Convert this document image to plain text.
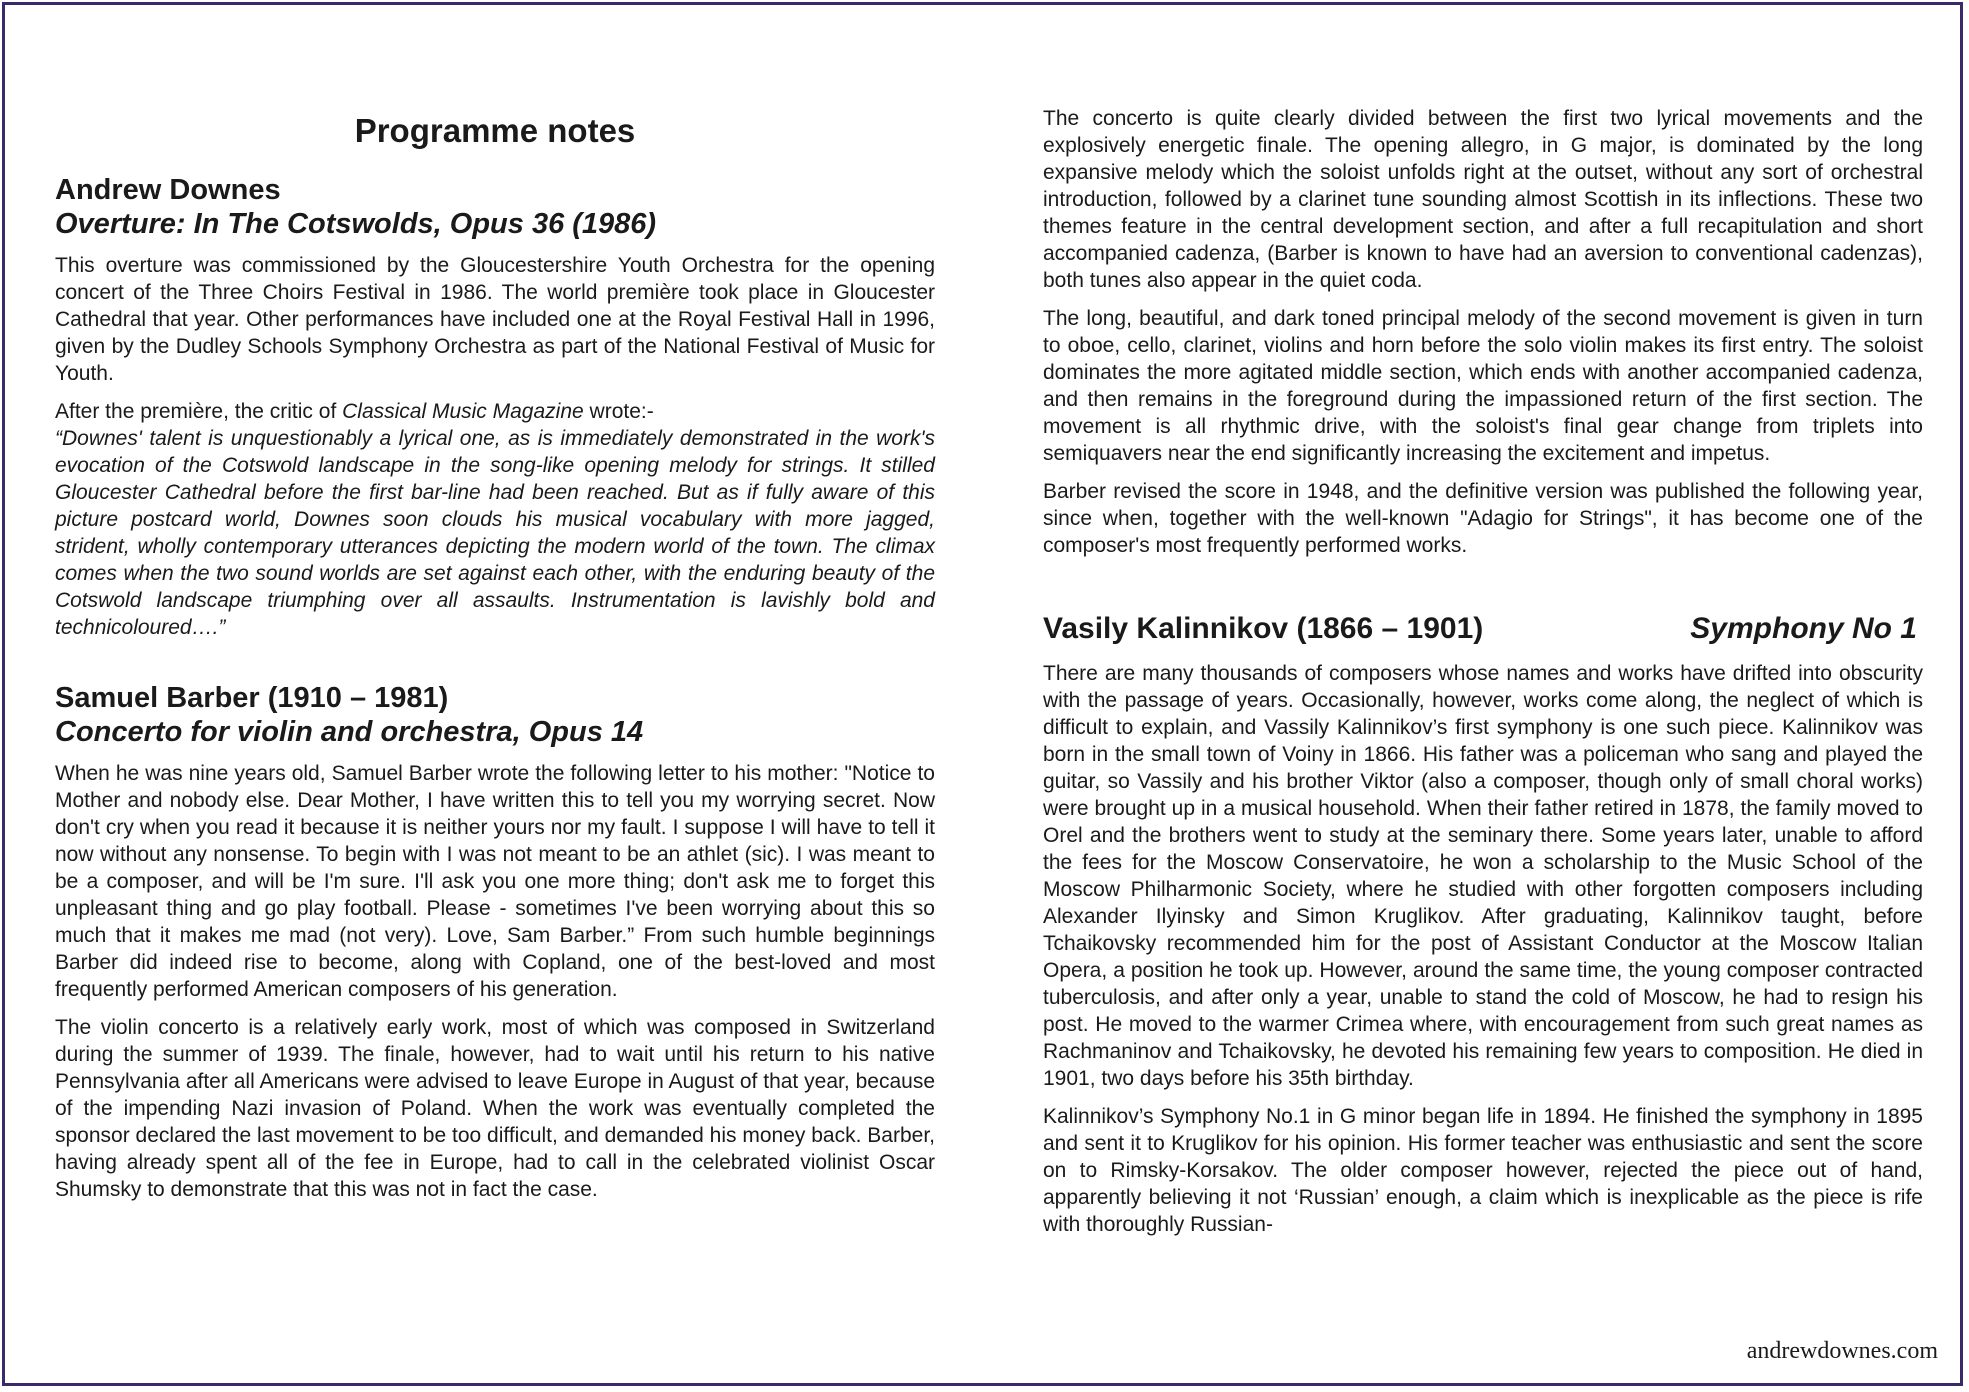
Programme notes
Andrew Downes
Overture: In The Cotswolds, Opus 36 (1986)

This overture was commissioned by the Gloucestershire Youth Orchestra for the opening concert of the Three Choirs Festival in 1986. The world première took place in Gloucester Cathedral that year. Other performances have included one at the Royal Festival Hall in 1996, given by the Dudley Schools Symphony Orchestra as part of the National Festival of Music for Youth.

After the première, the critic of Classical Music Magazine wrote:-

“Downes' talent is unquestionably a lyrical one, as is immediately demonstrated in the work's evocation of the Cotswold landscape in the song-like opening melody for strings. It stilled Gloucester Cathedral before the first bar-line had been reached. But as if fully aware of this picture postcard world, Downes soon clouds his musical vocabulary with more jagged, strident, wholly contemporary utterances depicting the modern world of the town. The climax comes when the two sound worlds are set against each other, with the enduring beauty of the Cotswold landscape triumphing over all assaults. Instrumentation is lavishly bold and technicoloured….”

Samuel Barber (1910 – 1981)
Concerto for violin and orchestra, Opus 14

When he was nine years old, Samuel Barber wrote the following letter to his mother: "Notice to Mother and nobody else. Dear Mother, I have written this to tell you my worrying secret. Now don't cry when you read it because it is neither yours nor my fault. I suppose I will have to tell it now without any nonsense. To begin with I was not meant to be an athlet (sic). I was meant to be a composer, and will be I'm sure. I'll ask you one more thing; don't ask me to forget this unpleasant thing and go play football. Please - sometimes I've been worrying about this so much that it makes me mad (not very). Love, Sam Barber.” From such humble beginnings Barber did indeed rise to become, along with Copland, one of the best-loved and most frequently performed American composers of his generation.

The violin concerto is a relatively early work, most of which was composed in Switzerland during the summer of 1939. The finale, however, had to wait until his return to his native Pennsylvania after all Americans were advised to leave Europe in August of that year, because of the impending Nazi invasion of Poland. When the work was eventually completed the sponsor declared the last movement to be too difficult, and demanded his money back. Barber, having already spent all of the fee in Europe, had to call in the celebrated violinist Oscar Shumsky to demonstrate that this was not in fact the case.

The concerto is quite clearly divided between the first two lyrical movements and the explosively energetic finale. The opening allegro, in G major, is dominated by the long expansive melody which the soloist unfolds right at the outset, without any sort of orchestral introduction, followed by a clarinet tune sounding almost Scottish in its inflections. These two themes feature in the central development section, and after a full recapitulation and short accompanied cadenza, (Barber is known to have had an aversion to conventional cadenzas), both tunes also appear in the quiet coda.

The long, beautiful, and dark toned principal melody of the second movement is given in turn to oboe, cello, clarinet, violins and horn before the solo violin makes its first entry. The soloist dominates the more agitated middle section, which ends with another accompanied cadenza, and then remains in the foreground during the impassioned return of the first section. The movement is all rhythmic drive, with the soloist's final gear change from triplets into semiquavers near the end significantly increasing the excitement and impetus.

Barber revised the score in 1948, and the definitive version was published the following year, since when, together with the well-known "Adagio for Strings", it has become one of the composer's most frequently performed works.

Vasily Kalinnikov (1866 – 1901)	Symphony No 1

There are many thousands of composers whose names and works have drifted into obscurity with the passage of years. Occasionally, however, works come along, the neglect of which is difficult to explain, and Vassily Kalinnikov’s first symphony is one such piece. Kalinnikov was born in the small town of Voiny in 1866. His father was a policeman who sang and played the guitar, so Vassily and his brother Viktor (also a composer, though only of small choral works) were brought up in a musical household. When their father retired in 1878, the family moved to Orel and the brothers went to study at the seminary there. Some years later, unable to afford the fees for the Moscow Conservatoire, he won a scholarship to the Music School of the Moscow Philharmonic Society, where he studied with other forgotten composers including Alexander Ilyinsky and Simon Kruglikov. After graduating, Kalinnikov taught, before Tchaikovsky recommended him for the post of Assistant Conductor at the Moscow Italian Opera, a position he took up. However, around the same time, the young composer contracted tuberculosis, and after only a year, unable to stand the cold of Moscow, he had to resign his post. He moved to the warmer Crimea where, with encouragement from such great names as Rachmaninov and Tchaikovsky, he devoted his remaining few years to composition. He died in 1901, two days before his 35th birthday.

Kalinnikov’s Symphony No.1 in G minor began life in 1894. He finished the symphony in 1895 and sent it to Kruglikov for his opinion. His former teacher was enthusiastic and sent the score on to Rimsky-Korsakov. The older composer however, rejected the piece out of hand, apparently believing it not ‘Russian’ enough, a claim which is inexplicable as the piece is rife with thoroughly Russian-

andrewdownes.com
